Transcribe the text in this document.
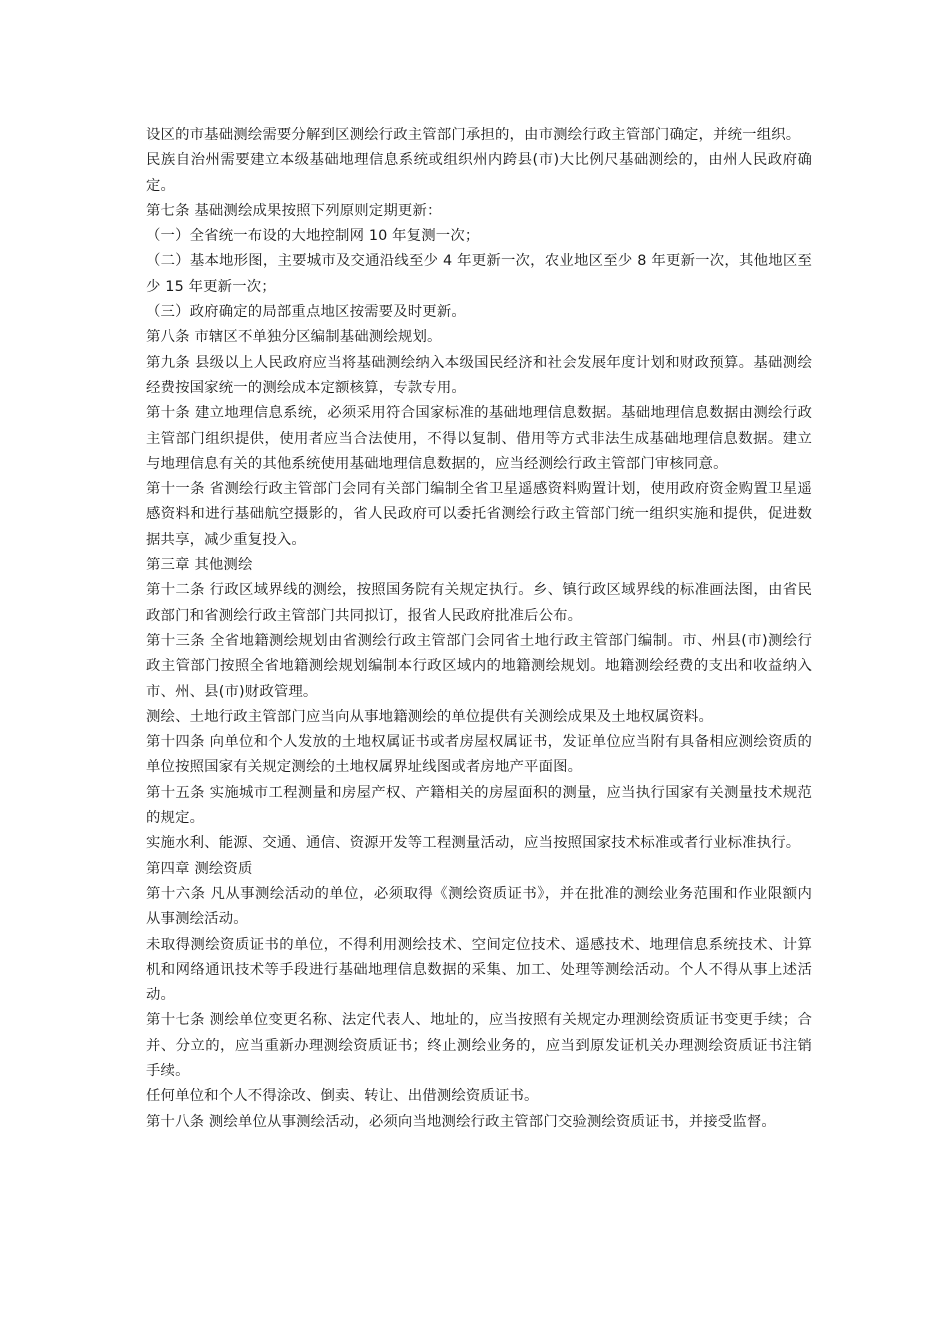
设区的市基础测绘需要分解到区测绘行政主管部门承担的，由市测绘行政主管部门确定，并统一组织。

民族自治州需要建立本级基础地理信息系统或组织州内跨县(市)大比例尺基础测绘的，由州人民政府确定。

第七条 基础测绘成果按照下列原则定期更新：

（一）全省统一布设的大地控制网 10 年复测一次；

（二）基本地形图，主要城市及交通沿线至少 4 年更新一次，农业地区至少 8 年更新一次，其他地区至少 15 年更新一次；

（三）政府确定的局部重点地区按需要及时更新。

第八条 市辖区不单独分区编制基础测绘规划。

第九条 县级以上人民政府应当将基础测绘纳入本级国民经济和社会发展年度计划和财政预算。基础测绘经费按国家统一的测绘成本定额核算，专款专用。

第十条 建立地理信息系统，必须采用符合国家标准的基础地理信息数据。基础地理信息数据由测绘行政主管部门组织提供，使用者应当合法使用，不得以复制、借用等方式非法生成基础地理信息数据。建立与地理信息有关的其他系统使用基础地理信息数据的，应当经测绘行政主管部门审核同意。

第十一条 省测绘行政主管部门会同有关部门编制全省卫星遥感资料购置计划，使用政府资金购置卫星遥感资料和进行基础航空摄影的，省人民政府可以委托省测绘行政主管部门统一组织实施和提供，促进数据共享，减少重复投入。

第三章 其他测绘

第十二条 行政区域界线的测绘，按照国务院有关规定执行。乡、镇行政区域界线的标准画法图，由省民政部门和省测绘行政主管部门共同拟订，报省人民政府批准后公布。

第十三条 全省地籍测绘规划由省测绘行政主管部门会同省土地行政主管部门编制。市、州县(市)测绘行政主管部门按照全省地籍测绘规划编制本行政区域内的地籍测绘规划。地籍测绘经费的支出和收益纳入市、州、县(市)财政管理。

测绘、土地行政主管部门应当向从事地籍测绘的单位提供有关测绘成果及土地权属资料。

第十四条 向单位和个人发放的土地权属证书或者房屋权属证书，发证单位应当附有具备相应测绘资质的单位按照国家有关规定测绘的土地权属界址线图或者房地产平面图。

第十五条 实施城市工程测量和房屋产权、产籍相关的房屋面积的测量，应当执行国家有关测量技术规范的规定。

实施水利、能源、交通、通信、资源开发等工程测量活动，应当按照国家技术标准或者行业标准执行。

第四章 测绘资质

第十六条 凡从事测绘活动的单位，必须取得《测绘资质证书》，并在批准的测绘业务范围和作业限额内从事测绘活动。

未取得测绘资质证书的单位，不得利用测绘技术、空间定位技术、遥感技术、地理信息系统技术、计算机和网络通讯技术等手段进行基础地理信息数据的采集、加工、处理等测绘活动。个人不得从事上述活动。

第十七条 测绘单位变更名称、法定代表人、地址的，应当按照有关规定办理测绘资质证书变更手续；合并、分立的，应当重新办理测绘资质证书；终止测绘业务的，应当到原发证机关办理测绘资质证书注销手续。

任何单位和个人不得涂改、倒卖、转让、出借测绘资质证书。

第十八条 测绘单位从事测绘活动，必须向当地测绘行政主管部门交验测绘资质证书，并接受监督。
